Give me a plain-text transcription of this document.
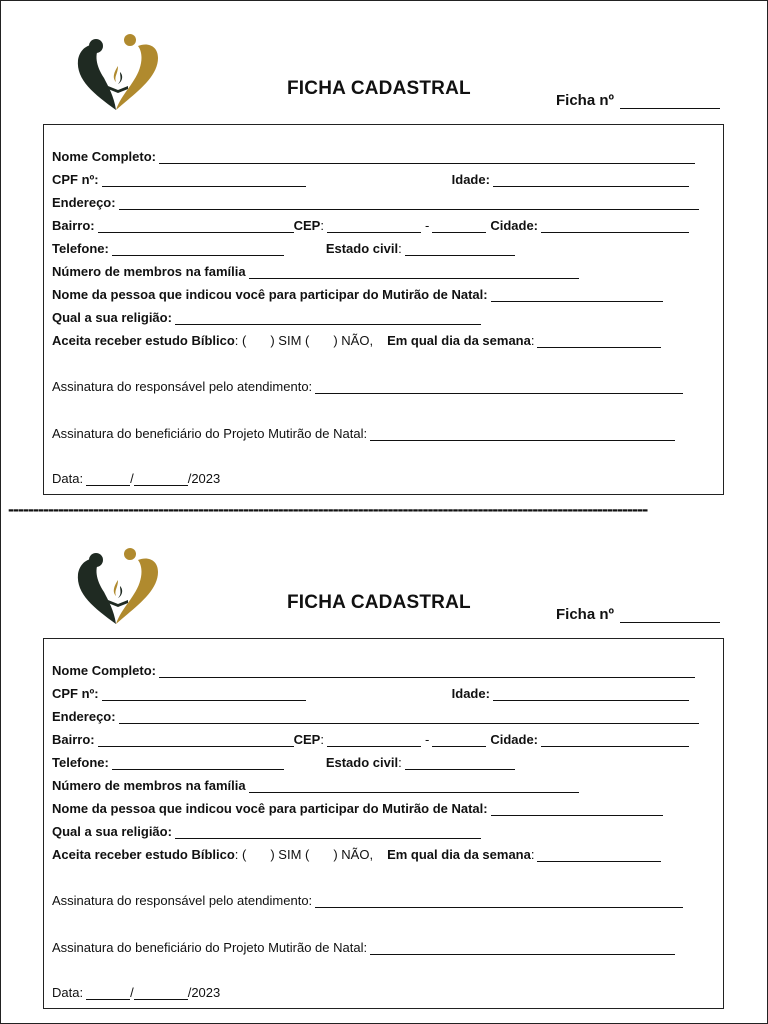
FICHA CADASTRAL
Ficha nº
Nome Completo:
CPF nº:	Idade:
Endereço:
Bairro:	CEP :	-	Cidade:
Telefone:	Estado civil :
Número de membros na família
Nome da pessoa que indicou você para participar do Mutirão de Natal:
Qual a sua religião:
Aceita receber estudo Bíblico : ( ) SIM ( ) NÃO, Em qual dia da semana :
Assinatura do responsável pelo atendimento:
Assinatura do beneficiário do Projeto Mutirão de Natal:
Data:	/	/2023
--------------------------------------------------------------------------------------------------------------------------------
FICHA CADASTRAL
Ficha nº
Nome Completo:
CPF nº:	Idade:
Endereço:
Bairro:	CEP :	-	Cidade:
Telefone:	Estado civil :
Número de membros na família
Nome da pessoa que indicou você para participar do Mutirão de Natal:
Qual a sua religião:
Aceita receber estudo Bíblico : ( ) SIM ( ) NÃO, Em qual dia da semana :
Assinatura do responsável pelo atendimento:
Assinatura do beneficiário do Projeto Mutirão de Natal:
Data:	/	/2023
